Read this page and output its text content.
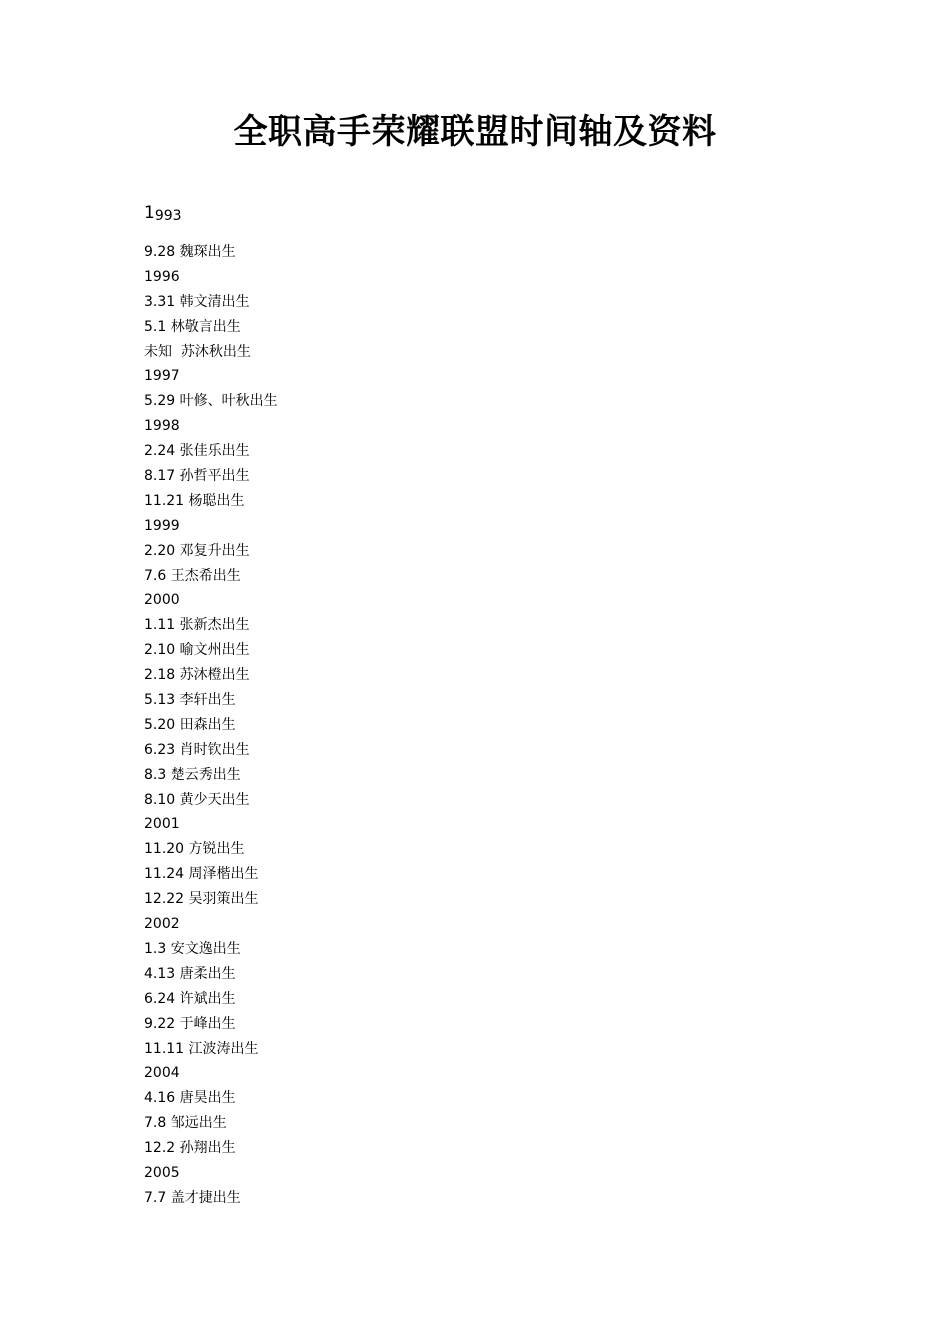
全职高手荣耀联盟时间轴及资料
1993
9.28 魏琛出生
1996
3.31 韩文清出生
5.1 林敬言出生
未知  苏沐秋出生
1997
5.29 叶修、叶秋出生
1998
2.24 张佳乐出生
8.17 孙哲平出生
11.21 杨聪出生
1999
2.20 邓复升出生
7.6 王杰希出生
2000
1.11 张新杰出生
2.10 喻文州出生
2.18 苏沐橙出生
5.13 李轩出生
5.20 田森出生
6.23 肖时钦出生
8.3 楚云秀出生
8.10 黄少天出生
2001
11.20 方锐出生
11.24 周泽楷出生
12.22 吴羽策出生
2002
1.3 安文逸出生
4.13 唐柔出生
6.24 许斌出生
9.22 于峰出生
11.11 江波涛出生
2004
4.16 唐昊出生
7.8 邹远出生
12.2 孙翔出生
2005
7.7 盖才捷出生
